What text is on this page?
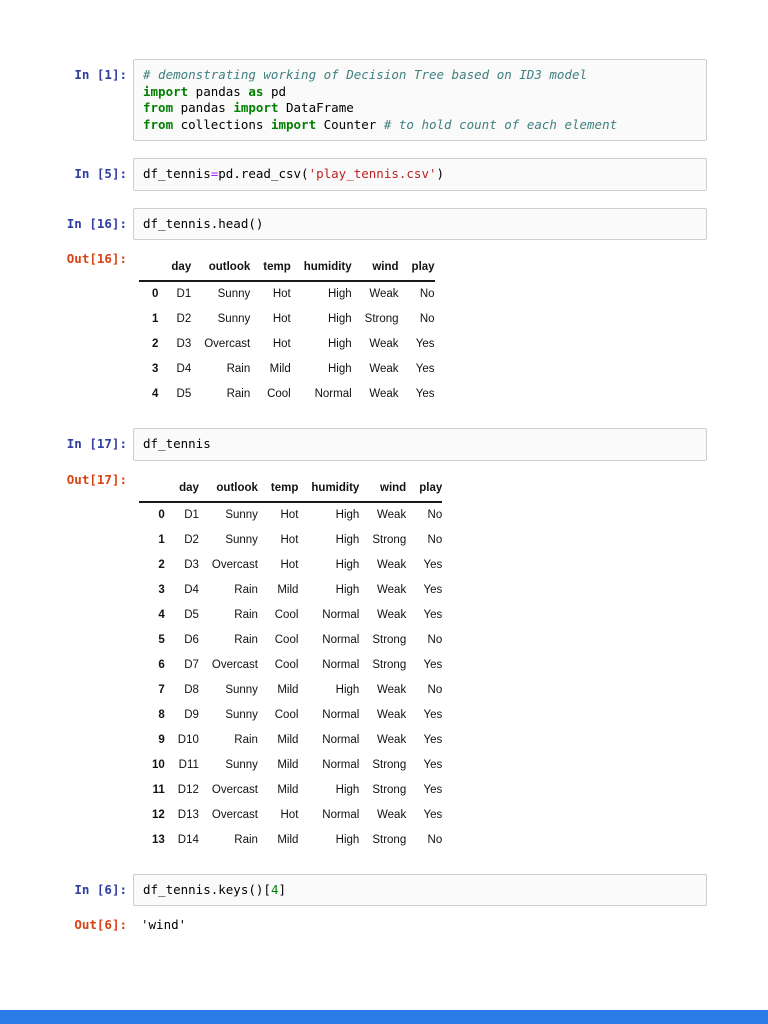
In [1]:	# demonstrating working of Decision Tree based on ID3 model
import pandas as pd
from pandas import DataFrame
from collections import Counter # to hold count of each element
In [5]:	df_tennis=pd.read_csv('play_tennis.csv')
In [16]:	df_tennis.head()
Out[16]:
	day	outlook	temp	humidity	wind	play
0	D1	Sunny	Hot	High	Weak	No
1	D2	Sunny	Hot	High	Strong	No
2	D3	Overcast	Hot	High	Weak	Yes
3	D4	Rain	Mild	High	Weak	Yes
4	D5	Rain	Cool	Normal	Weak	Yes
In [17]:	df_tennis
Out[17]:
	day	outlook	temp	humidity	wind	play
0	D1	Sunny	Hot	High	Weak	No
1	D2	Sunny	Hot	High	Strong	No
2	D3	Overcast	Hot	High	Weak	Yes
3	D4	Rain	Mild	High	Weak	Yes
4	D5	Rain	Cool	Normal	Weak	Yes
5	D6	Rain	Cool	Normal	Strong	No
6	D7	Overcast	Cool	Normal	Strong	Yes
7	D8	Sunny	Mild	High	Weak	No
8	D9	Sunny	Cool	Normal	Weak	Yes
9	D10	Rain	Mild	Normal	Weak	Yes
10	D11	Sunny	Mild	Normal	Strong	Yes
11	D12	Overcast	Mild	High	Strong	Yes
12	D13	Overcast	Hot	Normal	Weak	Yes
13	D14	Rain	Mild	High	Strong	No
In [6]:	df_tennis.keys()[4]
Out[6]:	'wind'
